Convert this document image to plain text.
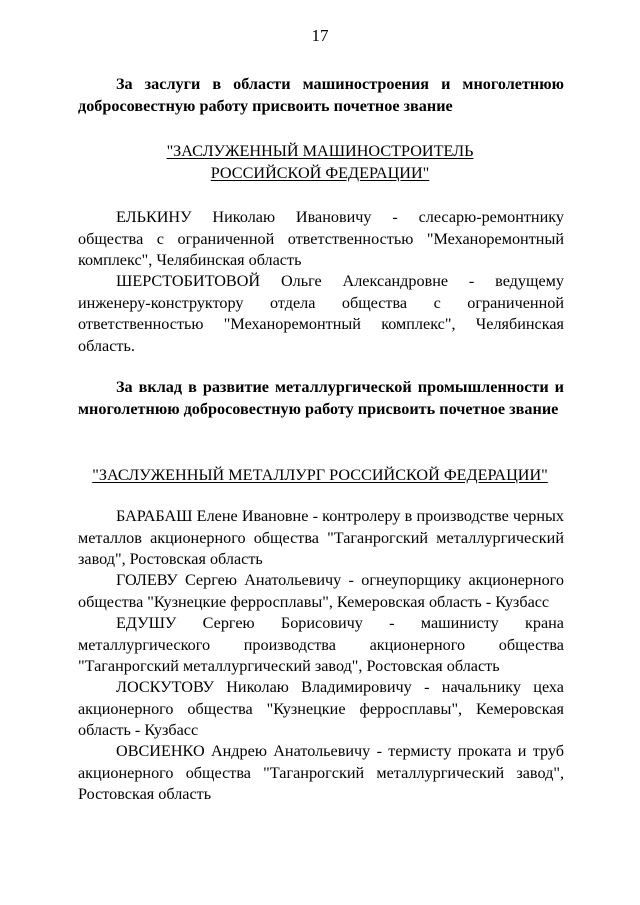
17
За заслуги в области машиностроения и многолетнюю добросовестную работу присвоить почетное звание
"ЗАСЛУЖЕННЫЙ МАШИНОСТРОИТЕЛЬ
РОССИЙСКОЙ ФЕДЕРАЦИИ"
ЕЛЬКИНУ Николаю Ивановичу - слесарю-ремонтнику общества с ограниченной ответственностью "Механоремонтный комплекс", Челябинская область
ШЕРСТОБИТОВОЙ Ольге Александровне - ведущему инженеру-конструктору отдела общества с ограниченной ответственностью "Механоремонтный комплекс", Челябинская область.
За вклад в развитие металлургической промышленности и многолетнюю добросовестную работу присвоить почетное звание
"ЗАСЛУЖЕННЫЙ МЕТАЛЛУРГ РОССИЙСКОЙ ФЕДЕРАЦИИ"
БАРАБАШ Елене Ивановне - контролеру в производстве черных металлов акционерного общества "Таганрогский металлургический завод", Ростовская область
ГОЛЕВУ Сергею Анатольевичу - огнеупорщику акционерного общества "Кузнецкие ферросплавы", Кемеровская область - Кузбасс
ЕДУШУ Сергею Борисовичу - машинисту крана металлургического производства акционерного общества "Таганрогский металлургический завод", Ростовская область
ЛОСКУТОВУ Николаю Владимировичу - начальнику цеха акционерного общества "Кузнецкие ферросплавы", Кемеровская область - Кузбасс
ОВСИЕНКО Андрею Анатольевичу - термисту проката и труб акционерного общества "Таганрогский металлургический завод", Ростовская область
